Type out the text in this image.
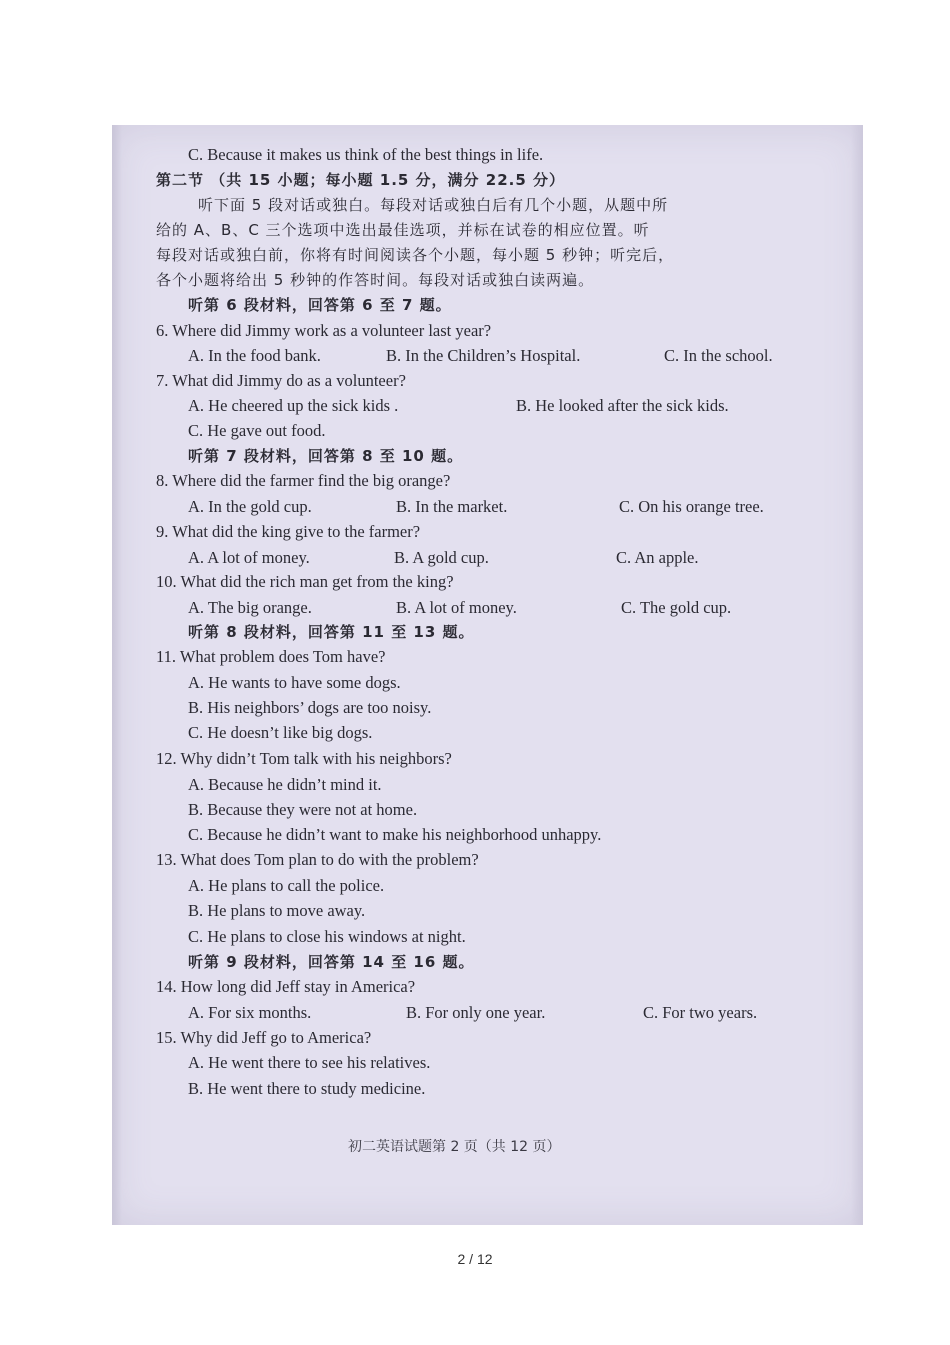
C. Because it makes us think of the best things in life.
第二节 （共 15 小题；每小题 1.5 分，满分 22.5 分）
听下面 5 段对话或独白。每段对话或独白后有几个小题，从题中所
给的 A、B、C 三个选项中选出最佳选项，并标在试卷的相应位置。听
每段对话或独白前，你将有时间阅读各个小题，每小题 5 秒钟；听完后，
各个小题将给出 5 秒钟的作答时间。每段对话或独白读两遍。
听第 6 段材料，回答第 6 至 7 题。
6. Where did Jimmy work as a volunteer last year?
A. In the food bank.	B. In the Children’s Hospital.	C. In the school.
7. What did Jimmy do as a volunteer?
A. He cheered up the sick kids .	B. He looked after the sick kids.
C. He gave out food.
听第 7 段材料，回答第 8 至 10 题。
8. Where did the farmer find the big orange?
A. In the gold cup.	B. In the market.	C. On his orange tree.
9. What did the king give to the farmer?
A. A lot of money.	B. A gold cup.	C. An apple.
10. What did the rich man get from the king?
A. The big orange.	B. A lot of money.	C. The gold cup.
听第 8 段材料，回答第 11 至 13 题。
11. What problem does Tom have?
A. He wants to have some dogs.
B. His neighbors’ dogs are too noisy.
C. He doesn’t like big dogs.
12. Why didn’t Tom talk with his neighbors?
A. Because he didn’t mind it.
B. Because they were not at home.
C. Because he didn’t want to make his neighborhood unhappy.
13. What does Tom plan to do with the problem?
A. He plans to call the police.
B. He plans to move away.
C. He plans to close his windows at night.
听第 9 段材料，回答第 14 至 16 题。
14. How long did Jeff stay in America?
A. For six months.	B. For only one year.	C. For two years.
15. Why did Jeff go to America?
A. He went there to see his relatives.
B. He went there to study medicine.
初二英语试题第 2 页（共 12 页）
2 / 12
